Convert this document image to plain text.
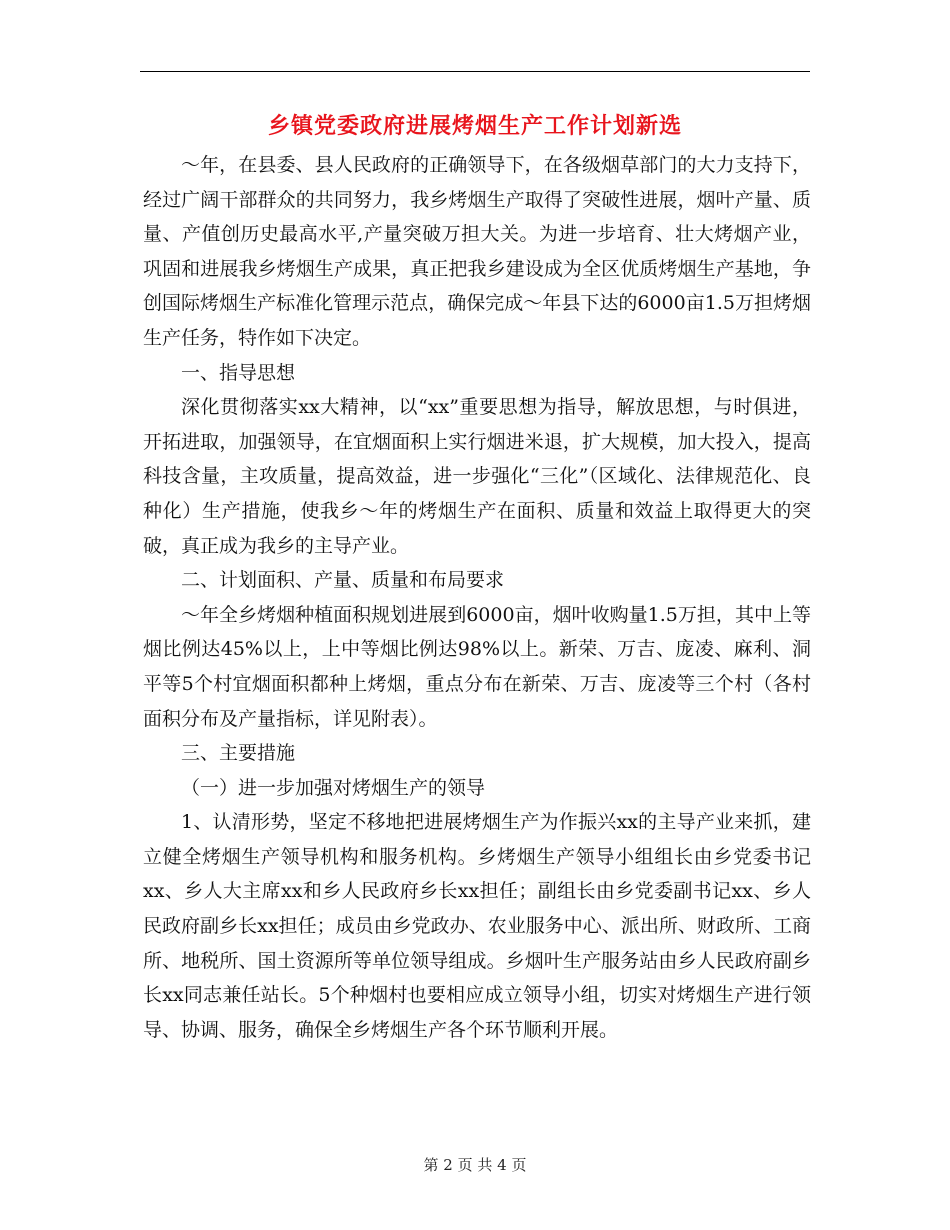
乡镇党委政府进展烤烟生产工作计划新选

～年，在县委、县人民政府的正确领导下，在各级烟草部门的大力支持下，经过广阔干部群众的共同努力，我乡烤烟生产取得了突破性进展，烟叶产量、质量、产值创历史最高水平,产量突破万担大关。为进一步培育、壮大烤烟产业，巩固和进展我乡烤烟生产成果，真正把我乡建设成为全区优质烤烟生产基地，争创国际烤烟生产标准化管理示范点，确保完成～年县下达的6000亩1.5万担烤烟生产任务，特作如下决定。

一、指导思想

深化贯彻落实xx大精神，以“xx”重要思想为指导，解放思想，与时俱进，开拓进取，加强领导，在宜烟面积上实行烟进米退，扩大规模，加大投入，提高科技含量，主攻质量，提高效益，进一步强化“三化”（区域化、法律规范化、良种化）生产措施，使我乡～年的烤烟生产在面积、质量和效益上取得更大的突破，真正成为我乡的主导产业。

二、计划面积、产量、质量和布局要求

～年全乡烤烟种植面积规划进展到6000亩，烟叶收购量1.5万担，其中上等烟比例达45%以上，上中等烟比例达98%以上。新荣、万吉、庞凌、麻利、洞平等5个村宜烟面积都种上烤烟，重点分布在新荣、万吉、庞凌等三个村（各村面积分布及产量指标，详见附表）。

三、主要措施

（一）进一步加强对烤烟生产的领导

1、认清形势，坚定不移地把进展烤烟生产为作振兴xx的主导产业来抓，建立健全烤烟生产领导机构和服务机构。乡烤烟生产领导小组组长由乡党委书记xx、乡人大主席xx和乡人民政府乡长xx担任；副组长由乡党委副书记xx、乡人民政府副乡长xx担任；成员由乡党政办、农业服务中心、派出所、财政所、工商所、地税所、国土资源所等单位领导组成。乡烟叶生产服务站由乡人民政府副乡长xx同志兼任站长。5个种烟村也要相应成立领导小组，切实对烤烟生产进行领导、协调、服务，确保全乡烤烟生产各个环节顺利开展。

第 2 页 共 4 页
